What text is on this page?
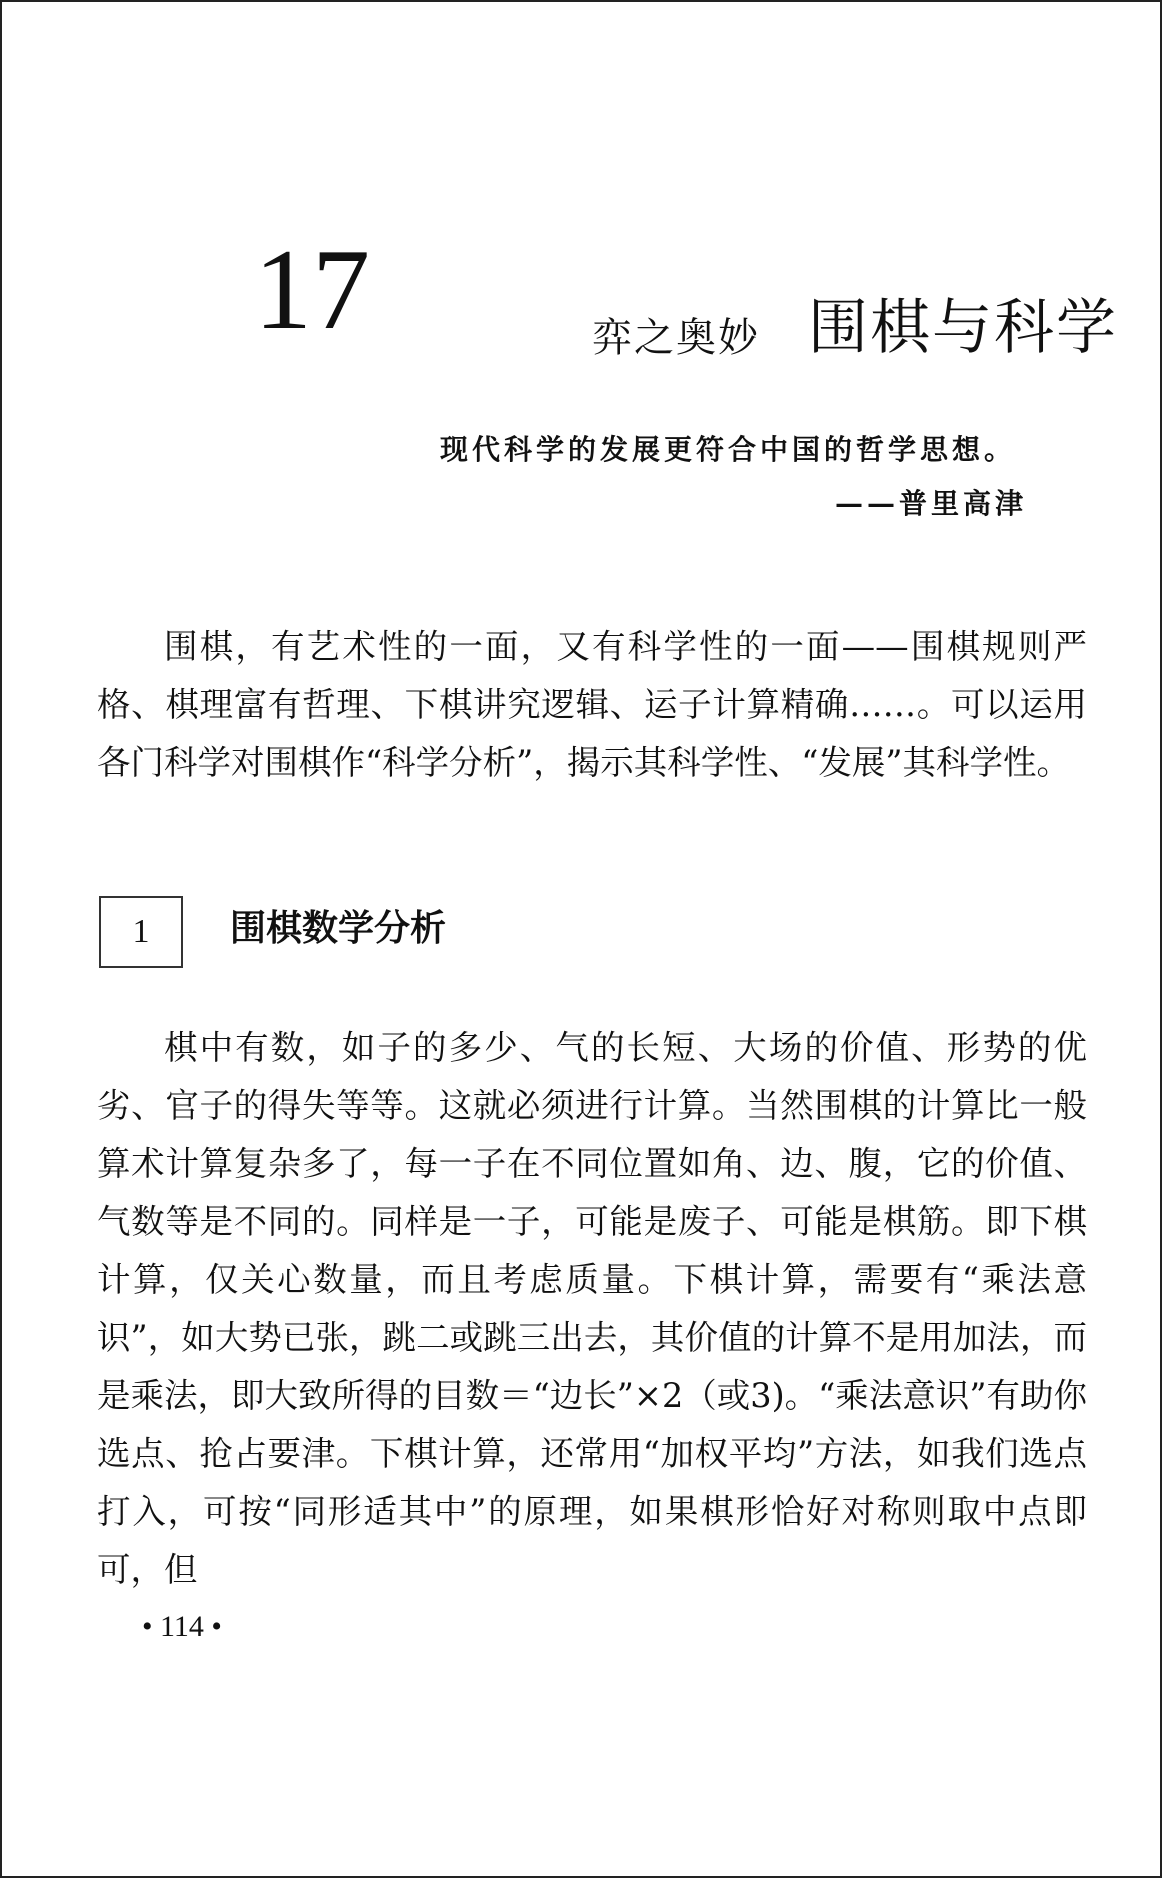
17	弈之奥妙 围棋与科学
现代科学的发展更符合中国的哲学思想。
——普里高津

围棋，有艺术性的一面，又有科学性的一面——围棋规则严格、棋理富有哲理、下棋讲究逻辑、运子计算精确……。可以运用各门科学对围棋作“科学分析”，揭示其科学性、“发展”其科学性。

1	围棋数学分析

棋中有数，如子的多少、气的长短、大场的价值、形势的优劣、官子的得失等等。这就必须进行计算。当然围棋的计算比一般算术计算复杂多了，每一子在不同位置如角、边、腹，它的价值、气数等是不同的。同样是一子，可能是废子、可能是棋筋。即下棋计算，仅关心数量，而且考虑质量。下棋计算，需要有“乘法意识”，如大势已张，跳二或跳三出去，其价值的计算不是用加法，而是乘法，即大致所得的目数＝“边长”×2（或3)。“乘法意识”有助你选点、抢占要津。下棋计算，还常用“加权平均”方法，如我们选点打入，可按“同形适其中”的原理，如果棋形恰好对称则取中点即可，但

• 114 •
